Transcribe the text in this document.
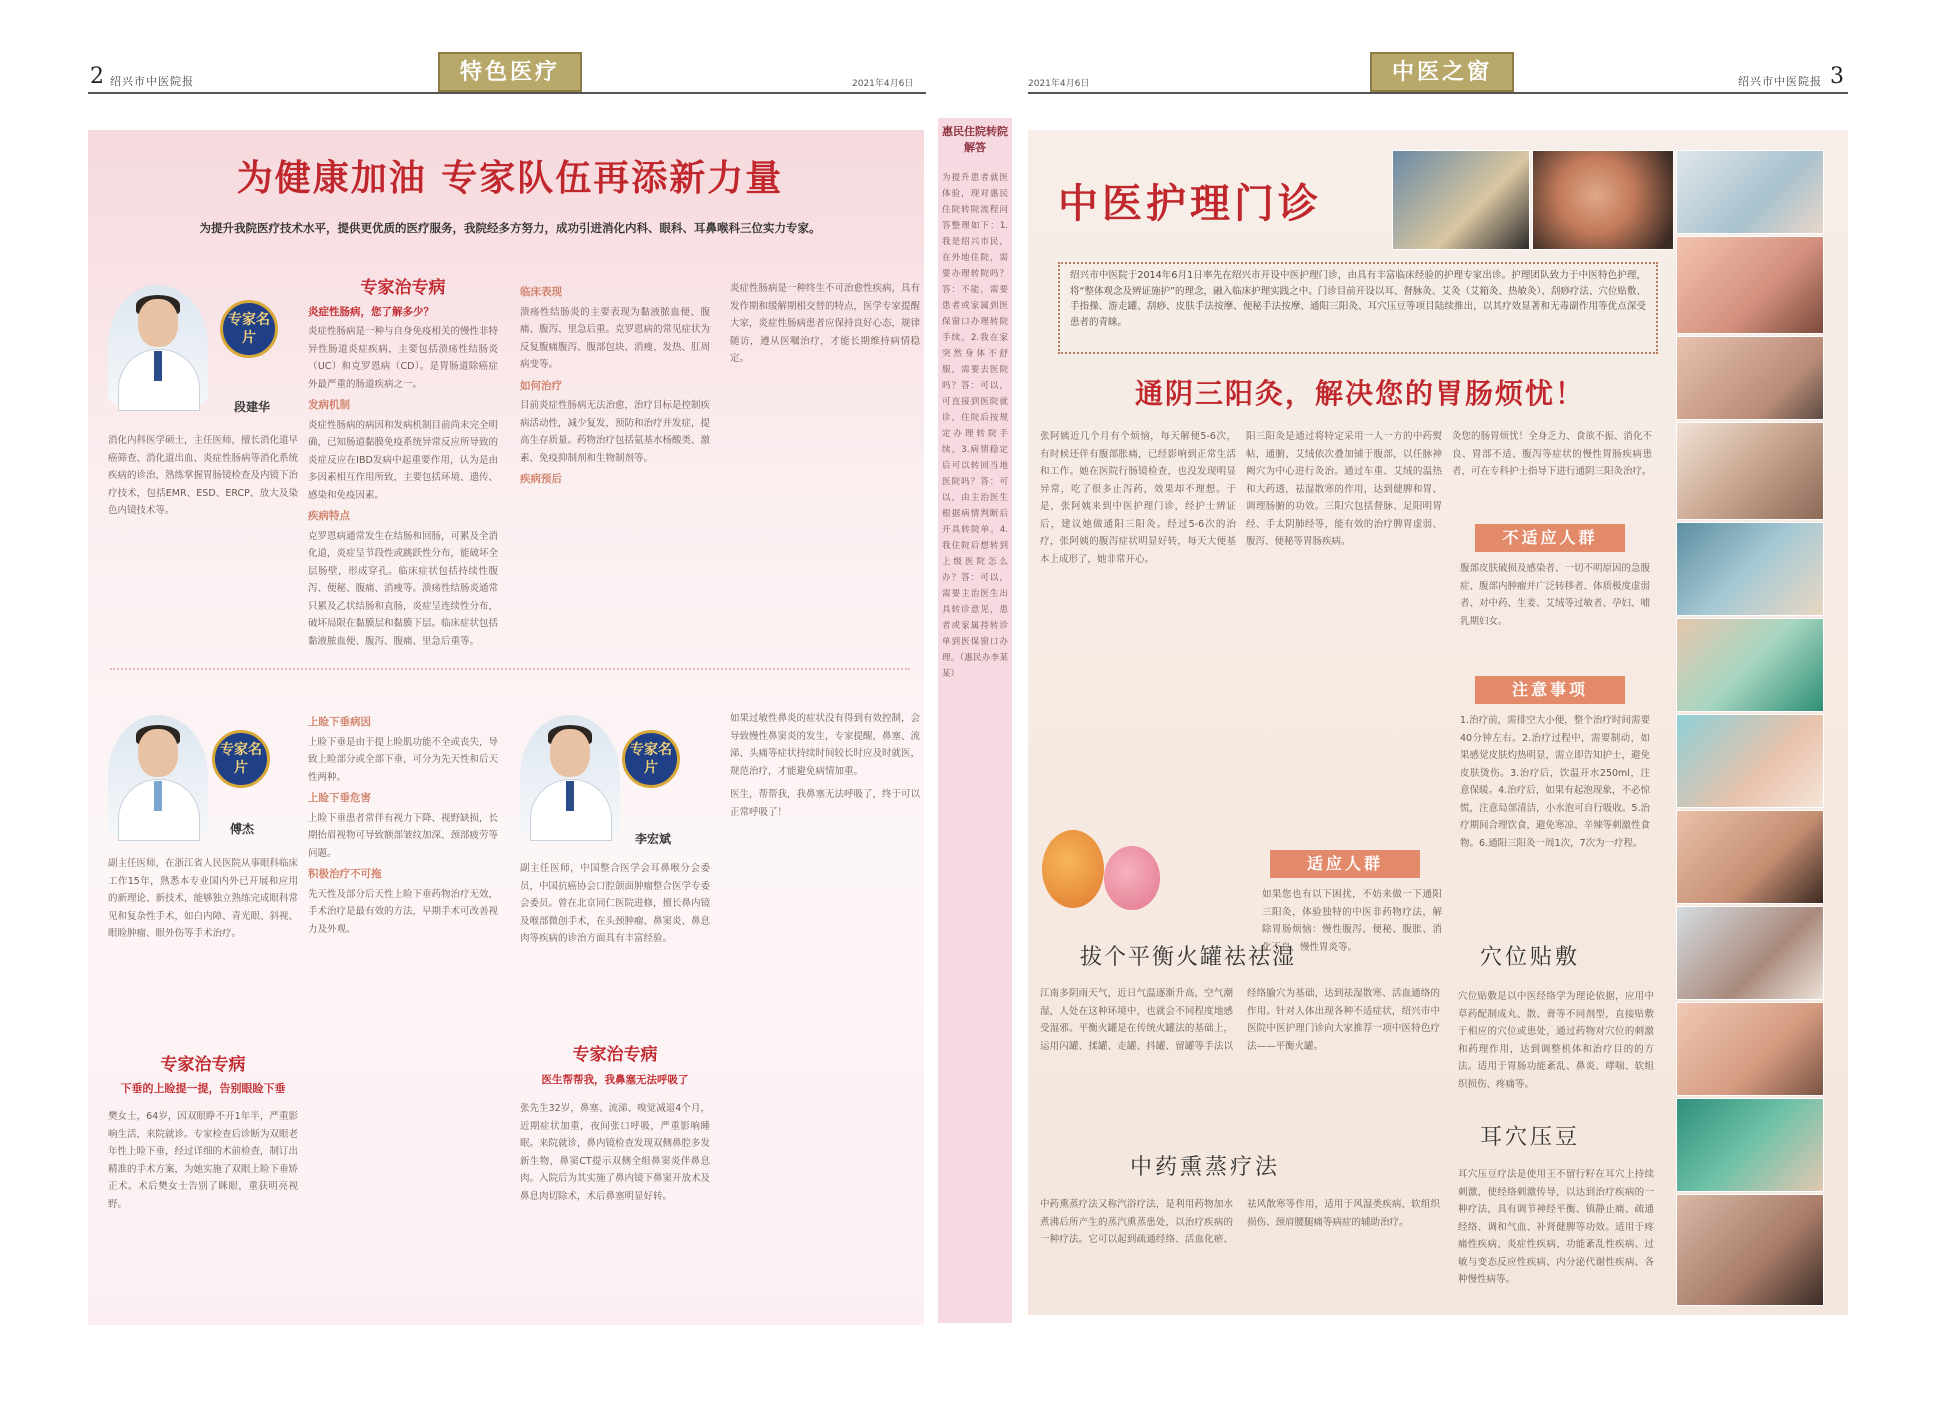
2 绍兴市中医院报	特色医疗	2021年4月6日	2021年4月6日	中医之窗	绍兴市中医院报 3
为健康加油 专家队伍再添新力量
为提升我院医疗技术水平，提供更优质的医疗服务，我院经多方努力，成功引进消化内科、眼科、耳鼻喉科三位实力专家。
专家名片
段建华
消化内科医学硕士，主任医师，擅长消化道早癌筛查、消化道出血、炎症性肠病等消化系统疾病的诊治，熟练掌握胃肠镜检查及内镜下治疗技术，包括EMR、ESD、ERCP、放大及染色内镜技术等。
专家治专病
炎症性肠病，您了解多少？
炎症性肠病是一种与自身免疫相关的慢性非特异性肠道炎症疾病，主要包括溃疡性结肠炎（UC）和克罗恩病（CD）。是胃肠道除癌症外最严重的肠道疾病之一。
发病机制
炎症性肠病的病因和发病机制目前尚未完全明确，已知肠道黏膜免疫系统异常反应所导致的炎症反应在IBD发病中起重要作用，认为是由多因素相互作用所致，主要包括环境、遗传、感染和免疫因素。
疾病特点
克罗恩病通常发生在结肠和回肠，可累及全消化道，炎症呈节段性或跳跃性分布，能破坏全层肠壁，形成穿孔。临床症状包括持续性腹泻、便秘、腹痛、消瘦等。溃疡性结肠炎通常只累及乙状结肠和直肠，炎症呈连续性分布，破坏局限在黏膜层和黏膜下层。临床症状包括黏液脓血便、腹泻、腹痛、里急后重等。
临床表现
溃疡性结肠炎的主要表现为黏液脓血便、腹痛、腹泻、里急后重。克罗恩病的常见症状为反复腹痛腹泻、腹部包块、消瘦、发热、肛周病变等。
如何治疗
目前炎症性肠病无法治愈，治疗目标是控制疾病活动性，减少复发，预防和治疗并发症，提高生存质量。药物治疗包括氨基水杨酸类、激素、免疫抑制剂和生物制剂等。
疾病预后
炎症性肠病是一种终生不可治愈性疾病，具有发作期和缓解期相交替的特点，医学专家提醒大家，炎症性肠病患者应保持良好心态，规律随访，遵从医嘱治疗，才能长期维持病情稳定。
专家名片
傅杰
副主任医师，在浙江省人民医院从事眼科临床工作15年，熟悉本专业国内外已开展和应用的新理论、新技术，能够独立熟练完成眼科常见和复杂性手术，如白内障、青光眼、斜视、眼睑肿瘤、眼外伤等手术治疗。
专家治专病
下垂的上睑提一提，告别眼睑下垂
樊女士，64岁，因双眼睁不开1年半，严重影响生活，来院就诊。专家检查后诊断为双眼老年性上睑下垂，经过详细的术前检查，制订出精准的手术方案，为她实施了双眼上睑下垂矫正术。术后樊女士告别了眯眼，重获明亮视野。
上睑下垂病因
上睑下垂是由于提上睑肌功能不全或丧失，导致上睑部分或全部下垂，可分为先天性和后天性两种。
上睑下垂危害
上睑下垂患者常伴有视力下降、视野缺损，长期抬眉视物可导致额部皱纹加深、颈部疲劳等问题。
积极治疗不可拖
先天性及部分后天性上睑下垂药物治疗无效，手术治疗是最有效的方法，早期手术可改善视力及外观。
专家名片
李宏斌
副主任医师，中国整合医学会耳鼻喉分会委员，中国抗癌协会口腔颌面肿瘤整合医学专委会委员。曾在北京同仁医院进修，擅长鼻内镜及喉部微创手术，在头颈肿瘤、鼻窦炎、鼻息肉等疾病的诊治方面具有丰富经验。
专家治专病
医生帮帮我，我鼻塞无法呼吸了
张先生32岁，鼻塞、流涕、嗅觉减退4个月，近期症状加重，夜间张口呼吸，严重影响睡眠。来院就诊，鼻内镜检查发现双侧鼻腔多发新生物，鼻窦CT提示双侧全组鼻窦炎伴鼻息肉。入院后为其实施了鼻内镜下鼻窦开放术及鼻息肉切除术，术后鼻塞明显好转。
如果过敏性鼻炎的症状没有得到有效控制，会导致慢性鼻窦炎的发生，专家提醒，鼻塞、流涕、头痛等症状持续时间较长时应及时就医，规范治疗，才能避免病情加重。
医生，帮帮我，我鼻塞无法呼吸了，终于可以正常呼吸了！
惠民住院转院解答
为提升患者就医体验，现对惠民住院转院流程问答整理如下：1.我是绍兴市民，在外地住院，需要办理转院吗？答：不能，需要患者或家属到医保窗口办理转院手续。2.我在家突然身体不舒服，需要去医院吗？答：可以，可直接到医院就诊，住院后按规定办理转院手续。3.病情稳定后可以转回当地医院吗？答：可以，由主治医生根据病情判断后开具转院单。4.我住院后想转到上级医院怎么办？答：可以，需要主治医生出具转诊意见，患者或家属持转诊单到医保窗口办理。（惠民办李某某）
中医护理门诊
绍兴市中医院于2014年6月1日率先在绍兴市开设中医护理门诊，由具有丰富临床经验的护理专家出诊。护理团队致力于中医特色护理，将“整体观念及辨证施护”的理念，融入临床护理实践之中。门诊目前开设以耳、督脉灸、艾灸（艾箱灸、热敏灸）、刮痧疗法、穴位贴敷、手指操、游走罐、刮痧、皮肤手法按摩、便秘手法按摩、通阳三阳灸、耳穴压豆等项目陆续推出，以其疗效显著和无毒副作用等优点深受患者的青睐。
通阴三阳灸，解决您的胃肠烦忧！
张阿姨近几个月有个烦恼，每天解便5-6次，有时候还伴有腹部胀痛，已经影响到正常生活和工作。她在医院行肠镜检查，也没发现明显异常，吃了很多止泻药，效果却不理想。于是，张阿姨来到中医护理门诊，经护士辨证后，建议她做通阳三阳灸。经过5-6次的治疗，张阿姨的腹泻症状明显好转，每天大便基本上成形了，她非常开心。
阳三阳灸是通过将特定采用一人一方的中药熨帖，通腑、艾绒依次叠加铺于腹部，以任脉神阙穴为中心进行灸治。通过车重、艾绒的温热和大药透，祛湿散寒的作用，达到健脾和胃、调理肠腑的功效。三阳穴包括督脉、足阳明胃经、手太阴肺经等，能有效的治疗脾胃虚弱、腹泻、便秘等胃肠疾病。
灸您的肠胃烦忧！全身乏力、食欲不振、消化不良、胃部不适、腹泻等症状的慢性胃肠疾病患者，可在专科护士指导下进行通阴三阳灸治疗。
不适应人群
腹部皮肤破损及感染者、一切不明原因的急腹症、腹部内肿瘤并广泛转移者、体质极度虚弱者、对中药、生姜、艾绒等过敏者、孕妇、哺乳期妇女。
注意事项
1.治疗前，需排空大小便，整个治疗时间需要40分钟左右。2.治疗过程中，需要制动，如果感觉皮肤灼热明显，需立即告知护士，避免皮肤烫伤。3.治疗后，饮温开水250ml，注意保暖。4.治疗后，如果有起泡现象，不必惊慌，注意局部清洁，小水泡可自行吸收。5.治疗期间合理饮食，避免寒凉、辛辣等刺激性食物。6.通阳三阳灸一周1次，7次为一疗程。
适应人群
如果您也有以下困扰，不妨来做一下通阳三阳灸，体验独特的中医非药物疗法，解除胃肠烦恼：慢性腹泻、便秘、腹胀、消化不良、慢性胃炎等。
拔个平衡火罐祛祛湿
江南多阴雨天气，近日气温逐渐升高，空气潮湿，人处在这种环境中，也就会不同程度地感受湿邪。平衡火罐是在传统火罐法的基础上，运用闪罐、揉罐、走罐、抖罐、留罐等手法以经络腧穴为基础，达到祛湿散寒、活血通络的作用。针对人体出现各种不适症状，绍兴市中医院中医护理门诊向大家推荐一项中医特色疗法——平衡火罐。
中药熏蒸疗法
中药熏蒸疗法又称汽浴疗法，是利用药物加水煮沸后所产生的蒸汽熏蒸患处，以治疗疾病的一种疗法。它可以起到疏通经络、活血化瘀、祛风散寒等作用，适用于风湿类疾病、软组织损伤、颈肩腰腿痛等病症的辅助治疗。
穴位贴敷
穴位贴敷是以中医经络学为理论依据，应用中草药配制成丸、散、膏等不同剂型，直接贴敷于相应的穴位或患处，通过药物对穴位的刺激和药理作用，达到调整机体和治疗目的的方法。适用于胃肠功能紊乱、鼻炎、哮喘、软组织损伤、疼痛等。
耳穴压豆
耳穴压豆疗法是使用王不留行籽在耳穴上持续刺激，使经络刺激传导，以达到治疗疾病的一种疗法，具有调节神经平衡、镇静止痛、疏通经络、调和气血、补肾健脾等功效。适用于疼痛性疾病、炎症性疾病、功能紊乱性疾病、过敏与变态反应性疾病、内分泌代谢性疾病、各种慢性病等。
